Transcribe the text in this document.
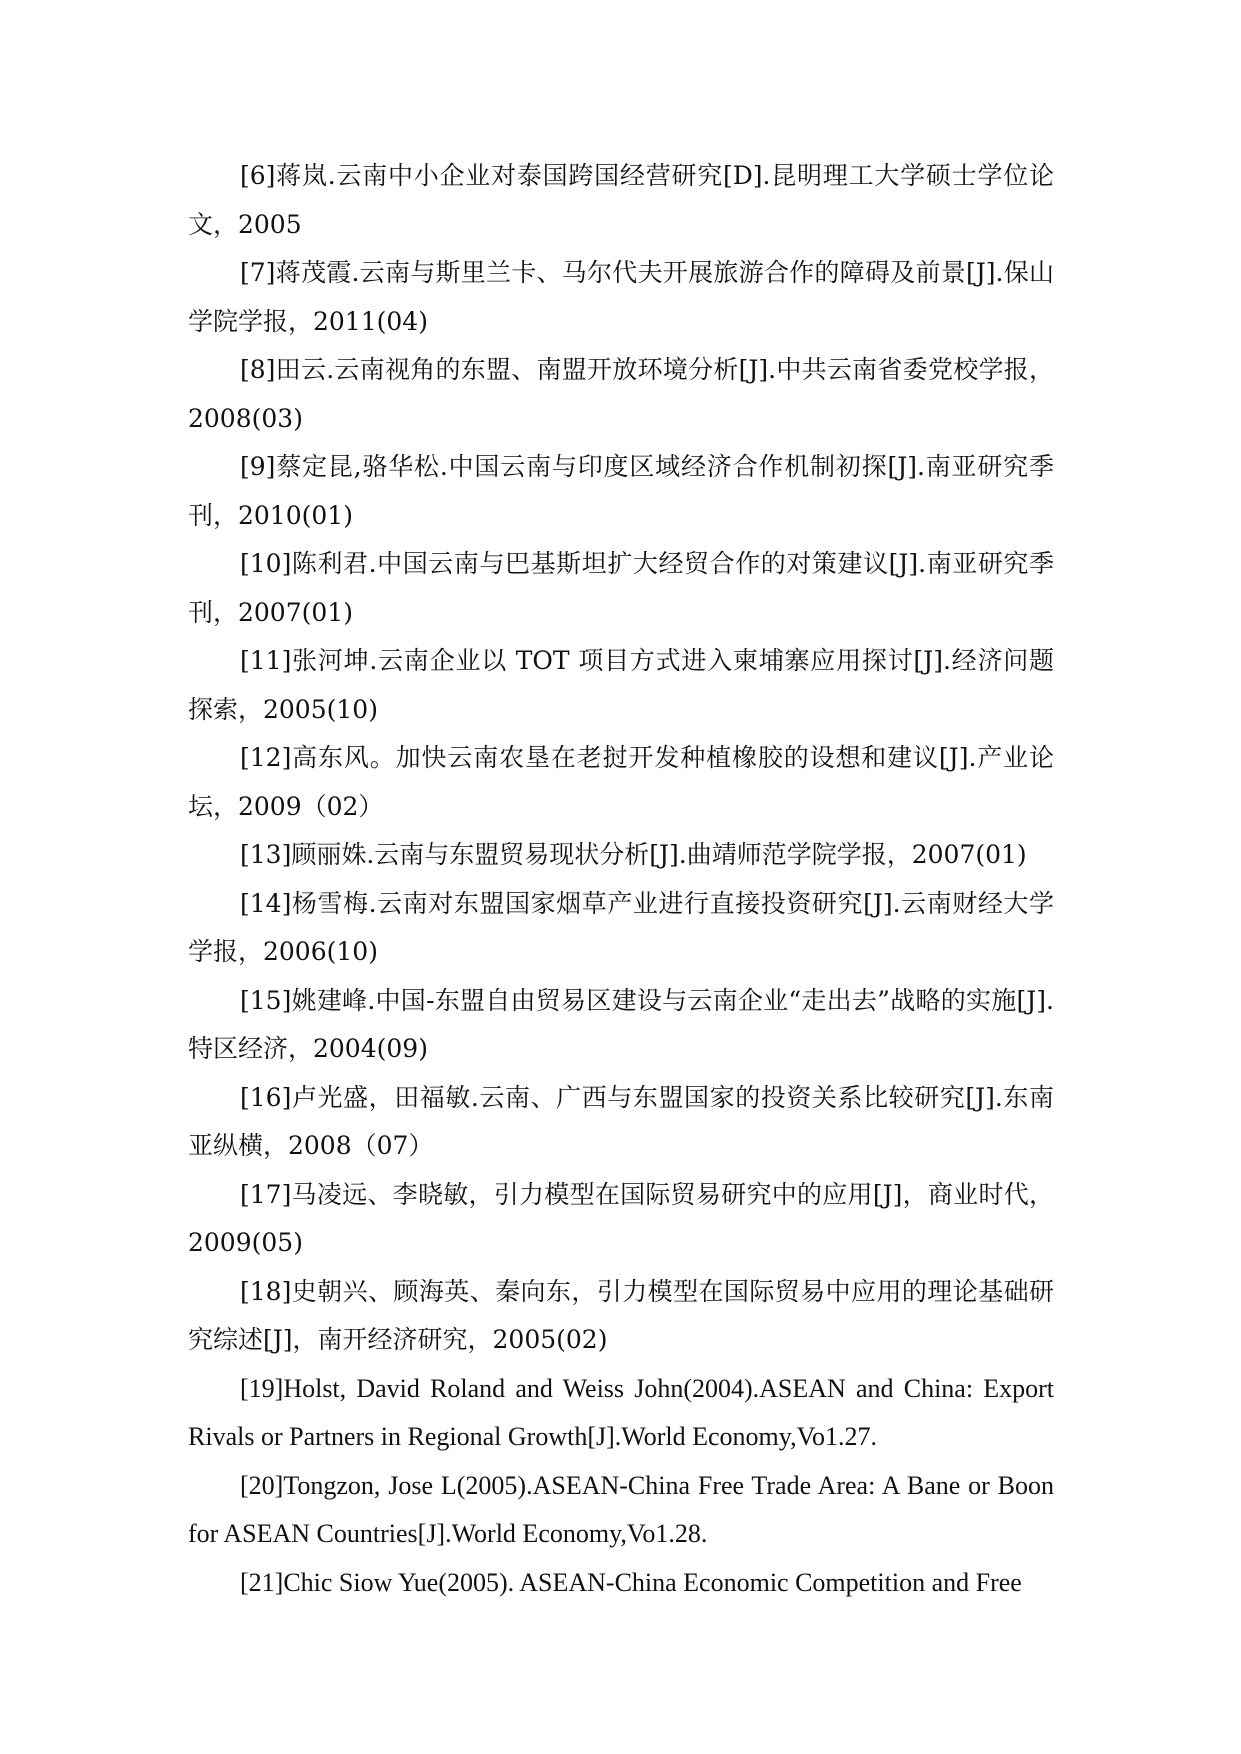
[6]蒋岚.云南中小企业对泰国跨国经营研究[D].昆明理工大学硕士学位论文，2005

[7]蒋茂霞.云南与斯里兰卡、马尔代夫开展旅游合作的障碍及前景[J].保山学院学报，2011(04)

[8]田云.云南视角的东盟、南盟开放环境分析[J].中共云南省委党校学报，2008(03)

[9]蔡定昆,骆华松.中国云南与印度区域经济合作机制初探[J].南亚研究季刊，2010(01)

[10]陈利君.中国云南与巴基斯坦扩大经贸合作的对策建议[J].南亚研究季刊，2007(01)

[11]张河坤.云南企业以 TOT 项目方式进入柬埔寨应用探讨[J].经济问题探索，2005(10)

[12]高东风。加快云南农垦在老挝开发种植橡胶的设想和建议[J].产业论坛，2009（02）

[13]顾丽姝.云南与东盟贸易现状分析[J].曲靖师范学院学报，2007(01)

[14]杨雪梅.云南对东盟国家烟草产业进行直接投资研究[J].云南财经大学学报，2006(10)

[15]姚建峰.中国-东盟自由贸易区建设与云南企业“走出去”战略的实施[J].特区经济，2004(09)

[16]卢光盛，田福敏.云南、广西与东盟国家的投资关系比较研究[J].东南亚纵横，2008（07）

[17]马凌远、李晓敏，引力模型在国际贸易研究中的应用[J]，商业时代，2009(05)

[18]史朝兴、顾海英、秦向东，引力模型在国际贸易中应用的理论基础研究综述[J]，南开经济研究，2005(02)

[19]Holst, David Roland and Weiss John(2004).ASEAN and China: Export Rivals or Partners in Regional Growth[J].World Economy,Vo1.27.

[20]Tongzon, Jose L(2005).ASEAN-China Free Trade Area: A Bane or Boon for ASEAN Countries[J].World Economy,Vo1.28.

[21]Chic Siow Yue(2005). ASEAN-China Economic Competition and Free
